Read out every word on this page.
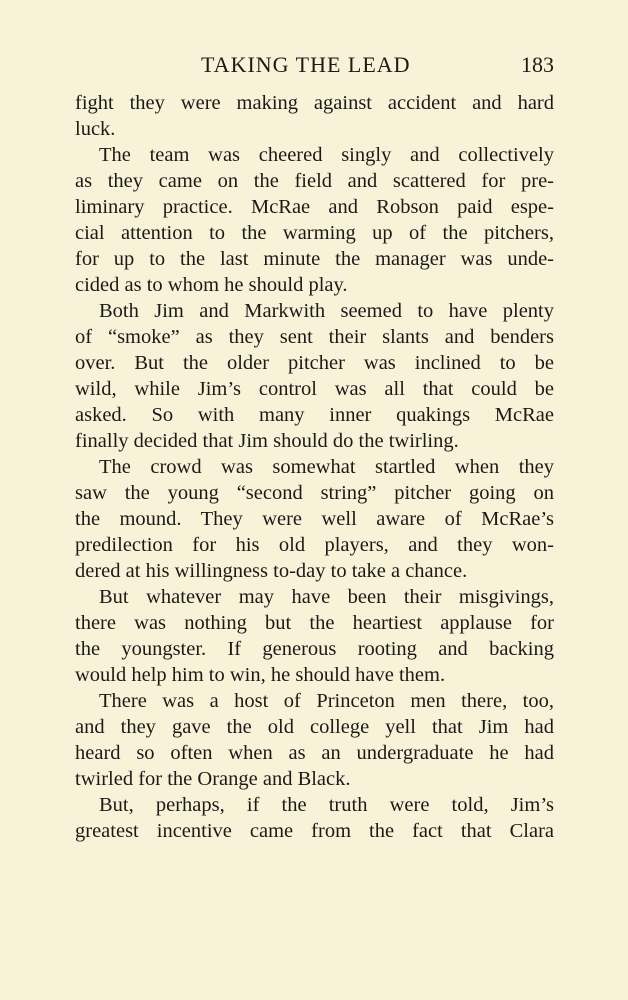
TAKING THE LEAD	183
fight they were making against accident and hard
luck.
The team was cheered singly and collectively
as they came on the field and scattered for pre-
liminary practice. McRae and Robson paid espe-
cial attention to the warming up of the pitchers,
for up to the last minute the manager was unde-
cided as to whom he should play.
Both Jim and Markwith seemed to have plenty
of “smoke” as they sent their slants and benders
over. But the older pitcher was inclined to be
wild, while Jim’s control was all that could be
asked. So with many inner quakings McRae
finally decided that Jim should do the twirling.
The crowd was somewhat startled when they
saw the young “second string” pitcher going on
the mound. They were well aware of McRae’s
predilection for his old players, and they won-
dered at his willingness to-day to take a chance.
But whatever may have been their misgivings,
there was nothing but the heartiest applause for
the youngster. If generous rooting and backing
would help him to win, he should have them.
There was a host of Princeton men there, too,
and they gave the old college yell that Jim had
heard so often when as an undergraduate he had
twirled for the Orange and Black.
But, perhaps, if the truth were told, Jim’s
greatest incentive came from the fact that Clara
